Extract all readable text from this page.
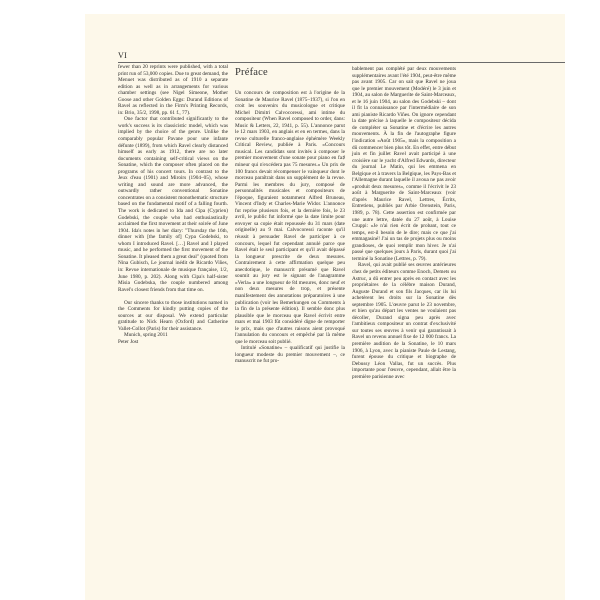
VI

fewer than 20 reprints were published, with a total print run of 53,000 copies. Due to great demand, the Menuet was distributed as of 1910 a separate edition as well as in arrangements for various chamber settings (see Nigel Simeone, Mother Goose and other Golden Eggs: Durand Editions of Ravel as reflected in the Firm's Printing Records, in: Brio, 35/2, 1998, pp. 61 f., 77).

One factor that contributed significantly to the work's success is its classicistic model, which was implied by the choice of the genre. Unlike the comparably popular Pavane pour une infante défunte (1899), from which Ravel clearly distanced himself as early as 1912, there are no later documents containing self-critical views on the Sonatine, which the composer often placed on the programs of his concert tours. In contrast to the Jeux d'eau (1901) and Miroirs (1904–05), whose writing and sound are more advanced, the outwardly rather conventional Sonatine concentrates on a consistent monothematic structure based on the fundamental motif of a falling fourth. The work is dedicated to Ida and Cipa (Cyprien) Godebski, the couple who had enthusiastically acclaimed the first movement at their soirée of June 1904. Ida's notes in her diary: "Thursday the 16th, dinner with [the family of] Cypa Godebski, to whom I introduced Ravel. […] Ravel and I played music, and he performed the first movement of the Sonatine. It pleased them a great deal" (quoted from Nina Gubisch, Le journal inédit de Ricardo Viñes, in: Revue internationale de musique française, 1/2, June 1980, p. 202). Along with Cipa's half-sister Misia Godebska, the couple numbered among Ravel's closest friends from that time on.

Our sincere thanks to those institutions named in the Comments for kindly putting copies of the sources at our disposal. We extend particular gratitude to Nick Hearn (Oxford) and Catherine Vallet-Collot (Paris) for their assistance.

Munich, spring 2011

Peter Jost

Préface

Un concours de composition est à l'origine de la Sonatine de Maurice Ravel (1875–1937), si l'on en croit les souvenirs du musicologue et critique Michel Dimitri Calvocoressi, ami intime du compositeur (When Ravel composed to order, dans: Music & Letters, 22, 1941, p. 55). L'annonce parut le 12 mars 1903, en anglais et en en termes, dans la revue culturelle franco-anglaise éphémère Weekly Critical Review, publiée à Paris. «Concours musical. Les candidats sont invités à composer le premier mouvement d'une sonate pour piano en fa♯ mineur qui n'excédera pas 75 mesures.» Un prix de 100 francs devait récompenser le vainqueur dont le morceau paraîtrait dans un supplément de la revue. Parmi les membres du jury, composé de personnalités musicales et compositeurs de l'époque, figuraient notamment Alfred Bruneau, Vincent d'Indy et Charles-Marie Widor. L'annonce fut reprise plusieurs fois, et la dernière fois, le 23 avril, le public fut informé que la date limite pour envoyer sa copie était repoussée du 31 mars (date originelle) au 9 mai. Calvocoressi raconte qu'il réussit à persuader Ravel de participer à ce concours, lequel fut cependant annulé parce que Ravel était le seul participant et qu'il avait dépassé la longueur prescrite de deux mesures. Contrairement à cette affirmation quelque peu anecdotique, le manuscrit présumé que Ravel soumit au jury est le signant de l'anagramme «Verla» a une longueur de 84 mesures, donc neuf et non deux mesures de trop, et présente manifestement des annotations préparatoires à une publication (voir les Bemerkungen ou Comments à la fin de la présente édition). Il semble donc plus plausible que le morceau que Ravel écrivit entre mars et mai 1903 fût considéré digne de remporter le prix, mais que d'autres raisons aient provoqué l'annulation du concours et empêché par là même que le morceau soit publié.

Intitulé «Sonatine» – qualificatif qui justifie la longueur modeste du premier mouvement –, ce manuscrit ne fut pro-

bablement pas complété par deux mouvements supplémentaires avant l'été 1904, peut-être même pas avant 1905. Car on sait que Ravel ne joua que le premier mouvement (Modéré) le 3 juin et 1904, au salon de Marguerite de Saint-Marceaux, et le 16 juin 1904, au salon des Godebski – dont il fit la connaissance par l'intermédiaire de son ami pianiste Ricardo Viñes. On ignore cependant la date précise à laquelle le compositeur décida de compléter sa Sonatine et d'écrire les autres mouvements. À la fin de l'autographe figure l'indication «Août 1905», mais la composition a dû commencer bien plus tôt. En effet, entre début juin et fin juillet Ravel avait participé à une croisière sur le yacht d'Alfred Edwards, directeur du journal Le Matin, qui les emmena en Belgique et à travers la Belgique, les Pays-Bas et l'Allemagne durant laquelle il avoua ne pas avoir «produit deux mesures», comme il l'écrivit le 23 août à Marguerite de Saint-Marceaux (voir d'après Maurice Ravel, Lettres, Écrits, Entretiens, publiés par Arbie Orenstein, Paris, 1989, p. 78). Cette assertion est confirmée par une autre lettre, datée du 27 août, à Louise Cruppi: «Je n'ai rien écrit de probant, tout ce temps, est-il besoin de le dire; mais ce que j'ai emmagasiné! J'ai un tas de projets plus ou moins grandioses, de quoi remplir mon hiver. Je n'ai passé que quelques jours à Paris, durant quoi j'ai terminé la Sonatine (Lettres, p. 79).

Ravel, qui avait publié ses œuvres antérieures chez de petits éditeurs comme Enoch, Demets ou Astruc, a dû entrer peu après en contact avec les propriétaires de la célèbre maison Durand, Auguste Durand et son fils Jacques, car ils lui achetèrent les droits sur la Sonatine dès septembre 1905. L'œuvre parut le 23 novembre, et bien qu'au départ les ventes ne voulaient pas décoller, Durand signa peu après avec l'ambitieux compositeur un contrat d'exclusivité sur toutes ses œuvres à venir qui garantissait à Ravel un revenu annuel fixe de 12 000 francs. La première audition de la Sonatine, le 10 mars 1906, à Lyon, avec la pianiste Paule de Lestang, furent épouse du critique et biographe de Debussy Léon Vallas, fut un succès. Plus importante pour l'œuvre, cependant, allait être la première parisienne avec
